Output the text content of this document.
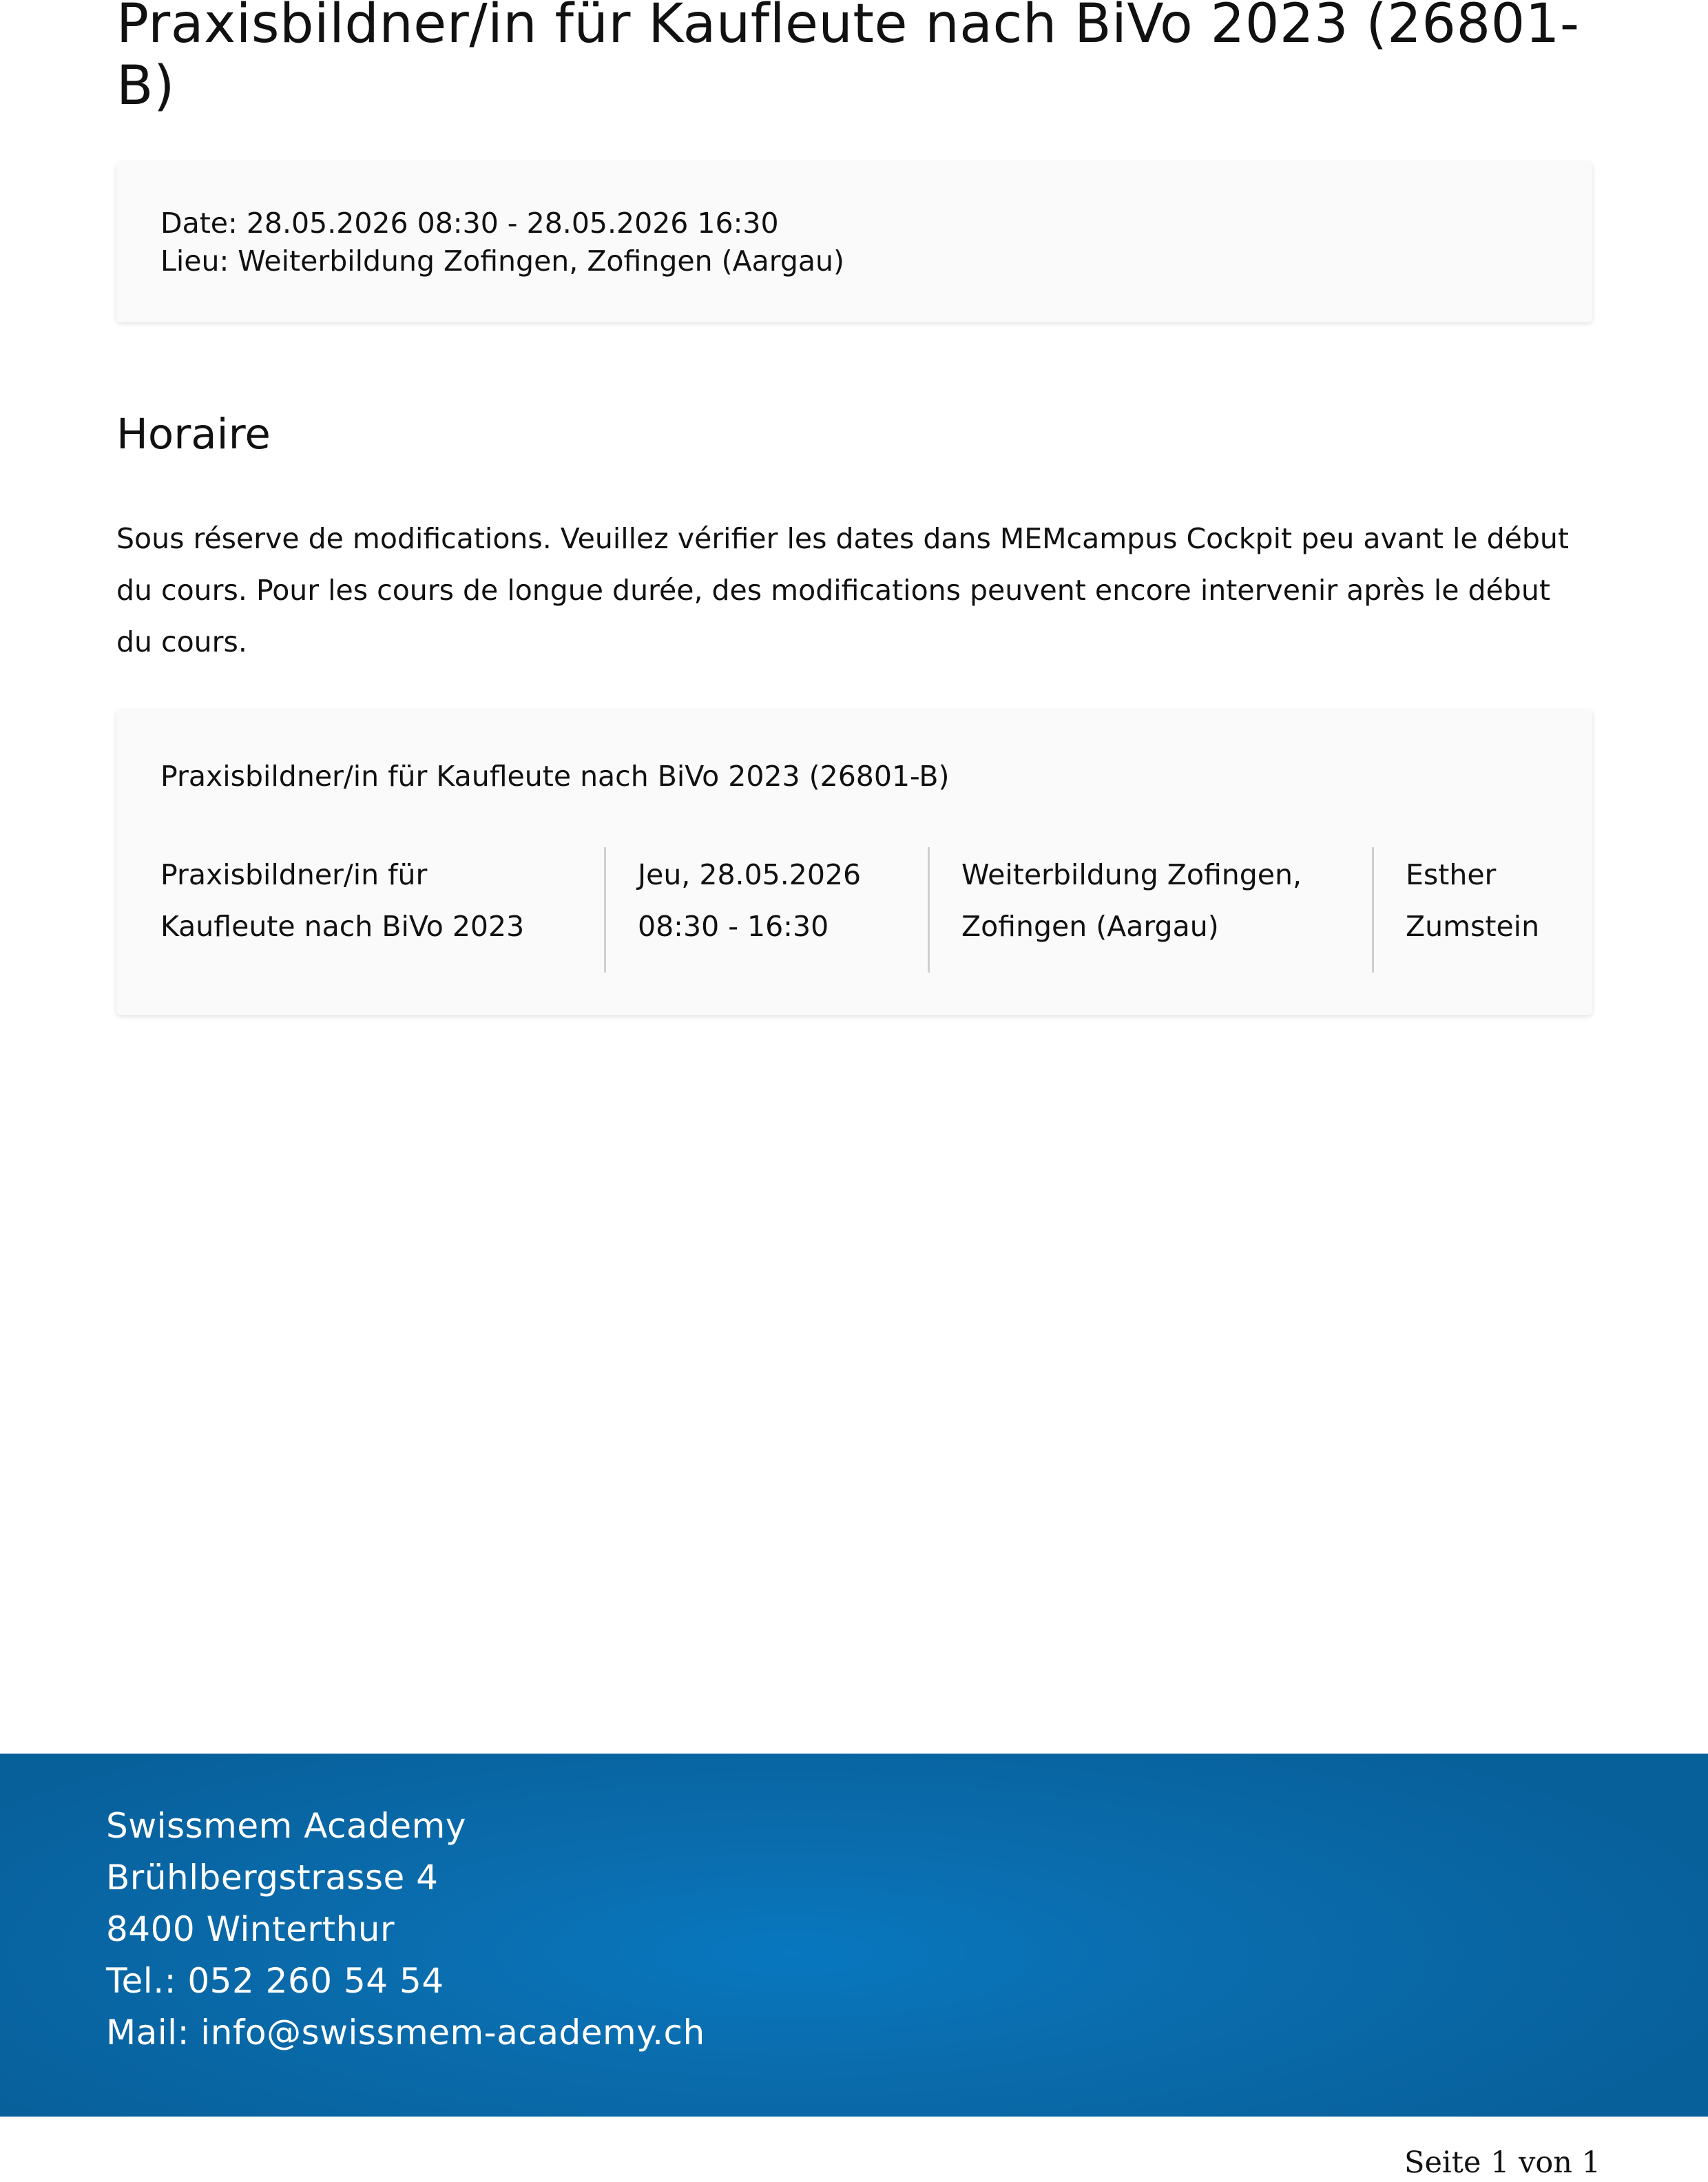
Praxisbildner/in für Kaufleute nach BiVo 2023 (26801-B)
Date: 28.05.2026 08:30 - 28.05.2026 16:30
Lieu: Weiterbildung Zofingen, Zofingen (Aargau)
Horaire

Sous réserve de modifications. Veuillez vérifier les dates dans MEMcampus Cockpit peu avant le début du cours. Pour les cours de longue durée, des modifications peuvent encore intervenir après le début du cours.

Praxisbildner/in für Kaufleute nach BiVo 2023 (26801-B)
Praxisbildner/in für
Kaufleute nach BiVo 2023
Jeu, 28.05.2026
08:30 - 16:30
Weiterbildung Zofingen,
Zofingen (Aargau)
Esther
Zumstein
Swissmem Academy
Brühlbergstrasse 4
8400 Winterthur
Tel.: 052 260 54 54
Mail: info@swissmem-academy.ch
Seite 1 von 1
